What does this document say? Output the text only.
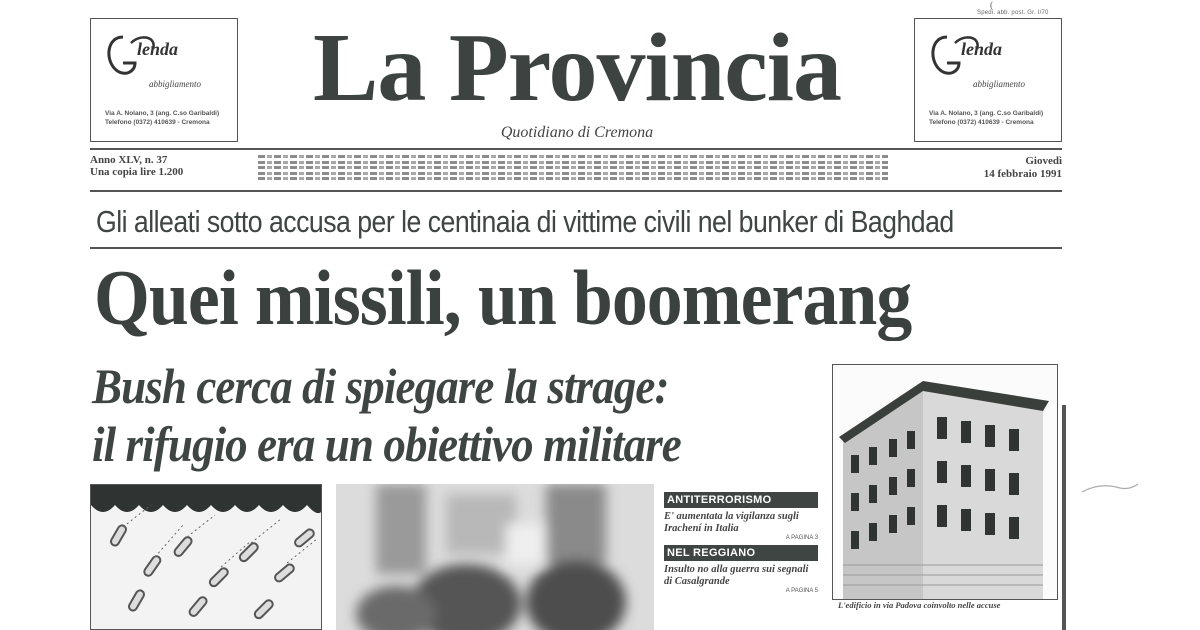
(
Spedi. abb. post. Gr. I/70
lenda
abbigliamento
Via A. Nolano, 3 (ang. C.so Garibaldi)
Telefono (0372) 410639 - Cremona
La Provincia
Quotidiano di Cremona
lenda
abbigliamento
Via A. Nolano, 3 (ang. C.so Garibaldi)
Telefono (0372) 410639 - Cremona
Anno XLV, n. 37
Una copia lire 1.200
Giovedì
14 febbraio 1991
Gli alleati sotto accusa per le centinaia di vittime civili nel bunker di Baghdad
Quei missili, un boomerang
Bush cerca di spiegare la strage:
il rifugio era un obiettivo militare
ANTITERRORISMO
E' aumentata la vigilanza sugli Irachení in Italia
A PAGINA 3
NEL REGGIANO
Insulto no alla guerra sui segnali di Casalgrande
A PAGINA 5
L'edificio in via Padova coinvolto nelle accuse
